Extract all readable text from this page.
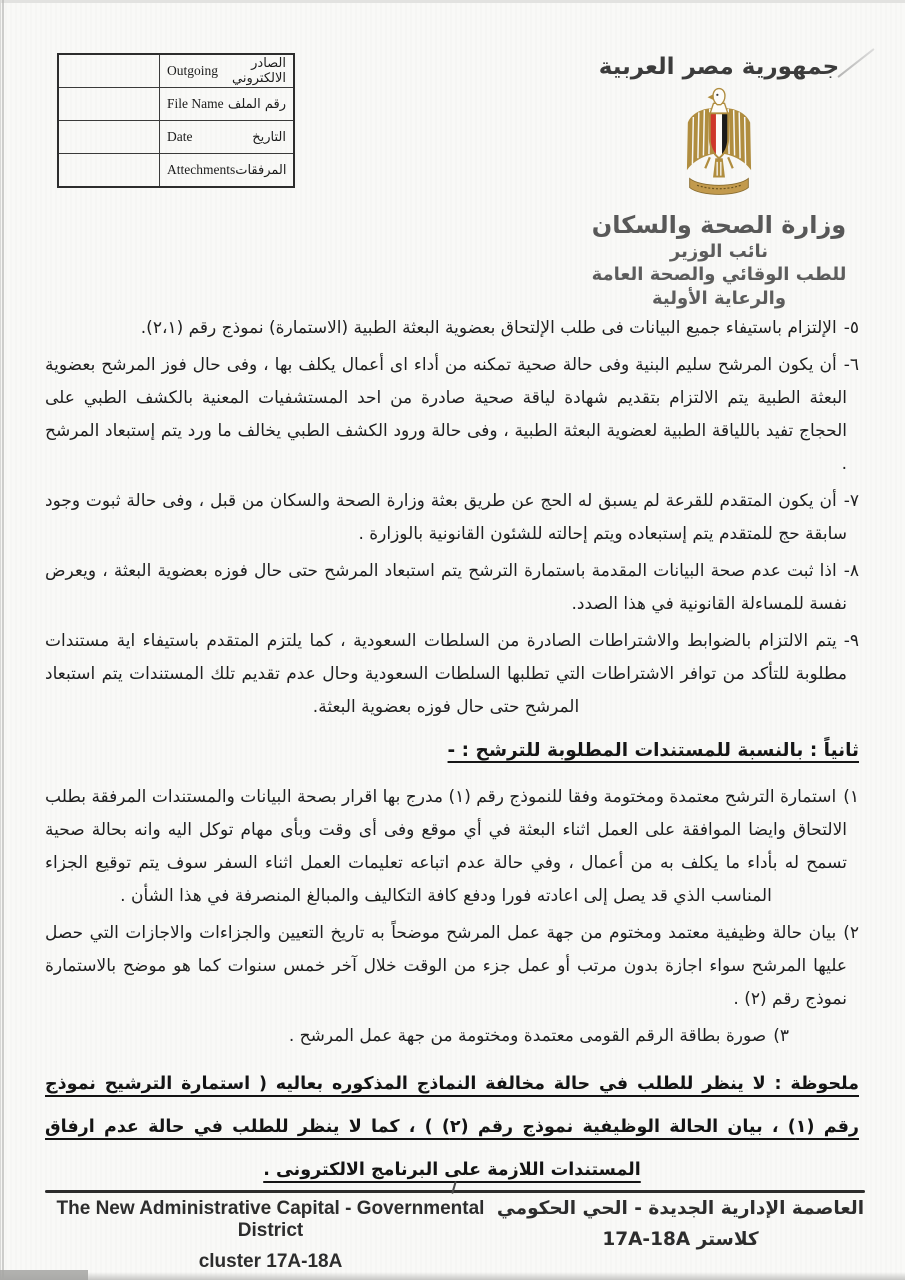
	Outgoing الصادر الالكتروني

	File Name رقم الملف

	Date التاريخ

	Attechments المرفقات
جمهورية مصر العربية
وزارة الصحة والسكان
نائب الوزير
للطب الوقائي والصحة العامة
والرعاية الأولية

٥-الإلتزام باستيفاء جميع البيانات فى طلب الإلتحاق بعضوية البعثة الطبية (الاستمارة) نموذج رقم (٢،١).

٦-أن يكون المرشح سليم البنية وفى حالة صحية تمكنه من أداء اى أعمال يكلف بها ، وفى حال فوز المرشح بعضوية البعثة الطبية يتم الالتزام بتقديم شهادة لياقة صحية صادرة من احد المستشفيات المعنية بالكشف الطبي على الحجاج تفيد باللياقة الطبية لعضوية البعثة الطبية ، وفى حالة ورود الكشف الطبي يخالف ما ورد يتم إستبعاد المرشح .

٧-أن يكون المتقدم للقرعة لم يسبق له الحج عن طريق بعثة وزارة الصحة والسكان من قبل ، وفى حالة ثبوت وجود سابقة حج للمتقدم يتم إستبعاده ويتم إحالته للشئون القانونية بالوزارة .

٨-اذا ثبت عدم صحة البيانات المقدمة باستمارة الترشح يتم استبعاد المرشح حتى حال فوزه بعضوية البعثة ، ويعرض نفسة للمساءلة القانونية في هذا الصدد.

٩-يتم الالتزام بالضوابط والاشتراطات الصادرة من السلطات السعودية ، كما يلتزم المتقدم باستيفاء اية مستندات مطلوبة للتأكد من توافر الاشتراطات التي تطلبها السلطات السعودية وحال عدم تقديم تلك المستندات يتم استبعاد المرشح حتى حال فوزه بعضوية البعثة.

ثانياً : بالنسبة للمستندات المطلوبة للترشح : -

١)استمارة الترشح معتمدة ومختومة وفقا للنموذج رقم (١) مدرج بها اقرار بصحة البيانات والمستندات المرفقة بطلب الالتحاق وايضا الموافقة على العمل اثناء البعثة في أي موقع وفى أى وقت وبأى مهام توكل اليه وانه بحالة صحية تسمح له بأداء ما يكلف به من أعمال ، وفي حالة عدم اتباعه تعليمات العمل اثناء السفر سوف يتم توقيع الجزاء المناسب الذي قد يصل إلى اعادته فورا ودفع كافة التكاليف والمبالغ المنصرفة في هذا الشأن .

٢)بيان حالة وظيفية معتمد ومختوم من جهة عمل المرشح موضحاً به تاريخ التعيين والجزاءات والاجازات التي حصل عليها المرشح سواء اجازة بدون مرتب أو عمل جزء من الوقت خلال آخر خمس سنوات كما هو موضح بالاستمارة نموذج رقم (٢) .

٣)صورة بطاقة الرقم القومى معتمدة ومختومة من جهة عمل المرشح .

ملحوظة : لا ينظر للطلب في حالة مخالفة النماذج المذكوره بعاليه ( استمارة الترشيح نموذج رقم (١) ، بيان الحالة الوظيفية نموذج رقم (٢) ) ، كما لا ينظر للطلب في حالة عدم ارفاق المستندات اللازمة على البرنامج الالكترونى .

The New Administrative Capital - Governmental District
cluster 17A-18A
العاصمة الإدارية الجديدة - الحي الحكومي
كلاستر 17A-18A
